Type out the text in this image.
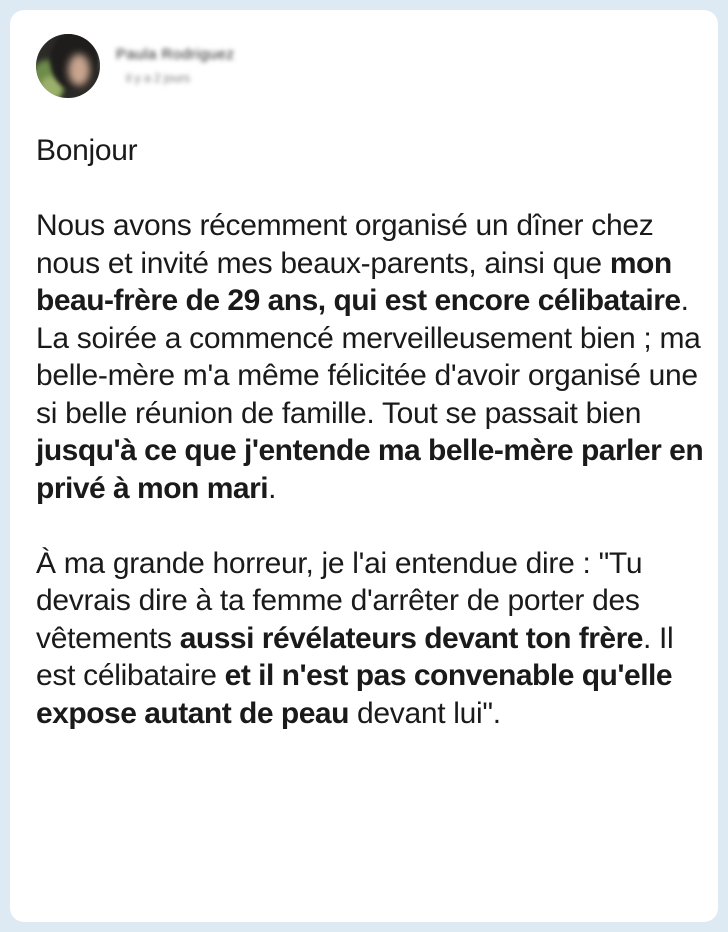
Paula Rodriguez
il y a 2 jours

Bonjour

Nous avons récemment organisé un dîner chez nous et invité mes beaux-parents, ainsi que mon beau-frère de 29 ans, qui est encore célibataire. La soirée a commencé merveilleusement bien ; ma belle-mère m'a même félicitée d'avoir organisé une si belle réunion de famille. Tout se passait bien jusqu'à ce que j'entende ma belle-mère parler en privé à mon mari.

À ma grande horreur, je l'ai entendue dire : "Tu devrais dire à ta femme d'arrêter de porter des vêtements aussi révélateurs devant ton frère. Il est célibataire et il n'est pas convenable qu'elle expose autant de peau devant lui".
